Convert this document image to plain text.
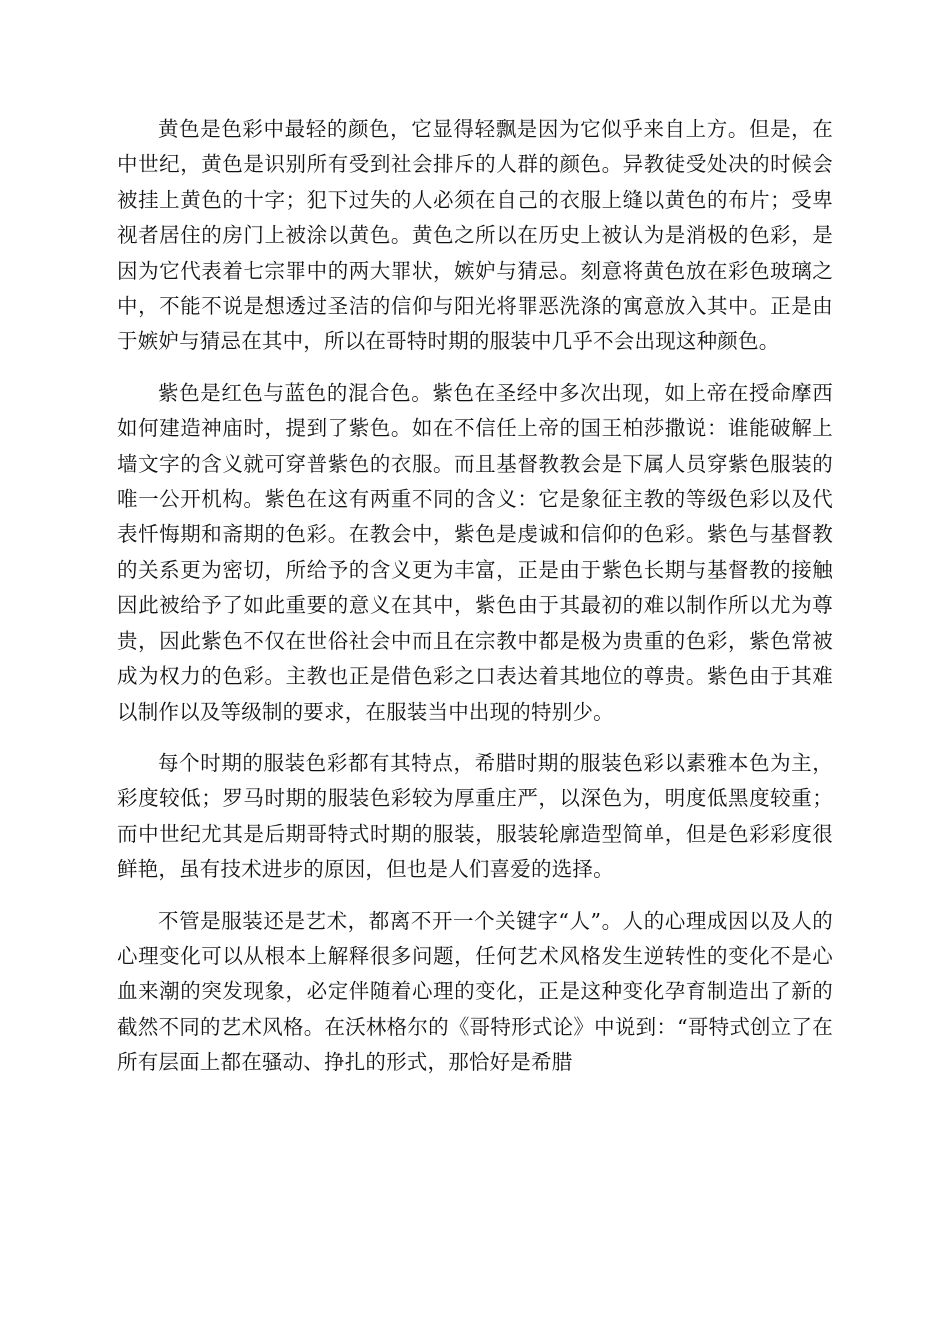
黄色是色彩中最轻的颜色，它显得轻飘是因为它似乎来自上方。但是，在中世纪，黄色是识别所有受到社会排斥的人群的颜色。异教徒受处决的时候会被挂上黄色的十字；犯下过失的人必须在自己的衣服上缝以黄色的布片；受卑视者居住的房门上被涂以黄色。黄色之所以在历史上被认为是消极的色彩，是因为它代表着七宗罪中的两大罪状，嫉妒与猜忌。刻意将黄色放在彩色玻璃之中，不能不说是想透过圣洁的信仰与阳光将罪恶洗涤的寓意放入其中。正是由于嫉妒与猜忌在其中，所以在哥特时期的服装中几乎不会出现这种颜色。

紫色是红色与蓝色的混合色。紫色在圣经中多次出现，如上帝在授命摩西如何建造神庙时，提到了紫色。如在不信任上帝的国王柏莎撒说：谁能破解上墙文字的含义就可穿普紫色的衣服。而且基督教教会是下属人员穿紫色服装的唯一公开机构。紫色在这有两重不同的含义：它是象征主教的等级色彩以及代表忏悔期和斋期的色彩。在教会中，紫色是虔诚和信仰的色彩。紫色与基督教的关系更为密切，所给予的含义更为丰富，正是由于紫色长期与基督教的接触因此被给予了如此重要的意义在其中，紫色由于其最初的难以制作所以尤为尊贵，因此紫色不仅在世俗社会中而且在宗教中都是极为贵重的色彩，紫色常被成为权力的色彩。主教也正是借色彩之口表达着其地位的尊贵。紫色由于其难以制作以及等级制的要求，在服装当中出现的特别少。

每个时期的服装色彩都有其特点，希腊时期的服装色彩以素雅本色为主，彩度较低；罗马时期的服装色彩较为厚重庄严，以深色为，明度低黑度较重；而中世纪尤其是后期哥特式时期的服装，服装轮廓造型简单，但是色彩彩度很鲜艳，虽有技术进步的原因，但也是人们喜爱的选择。

不管是服装还是艺术，都离不开一个关键字“人”。人的心理成因以及人的心理变化可以从根本上解释很多问题，任何艺术风格发生逆转性的变化不是心血来潮的突发现象，必定伴随着心理的变化，正是这种变化孕育制造出了新的截然不同的艺术风格。在沃林格尔的《哥特形式论》中说到：“哥特式创立了在所有层面上都在骚动、挣扎的形式，那恰好是希腊
